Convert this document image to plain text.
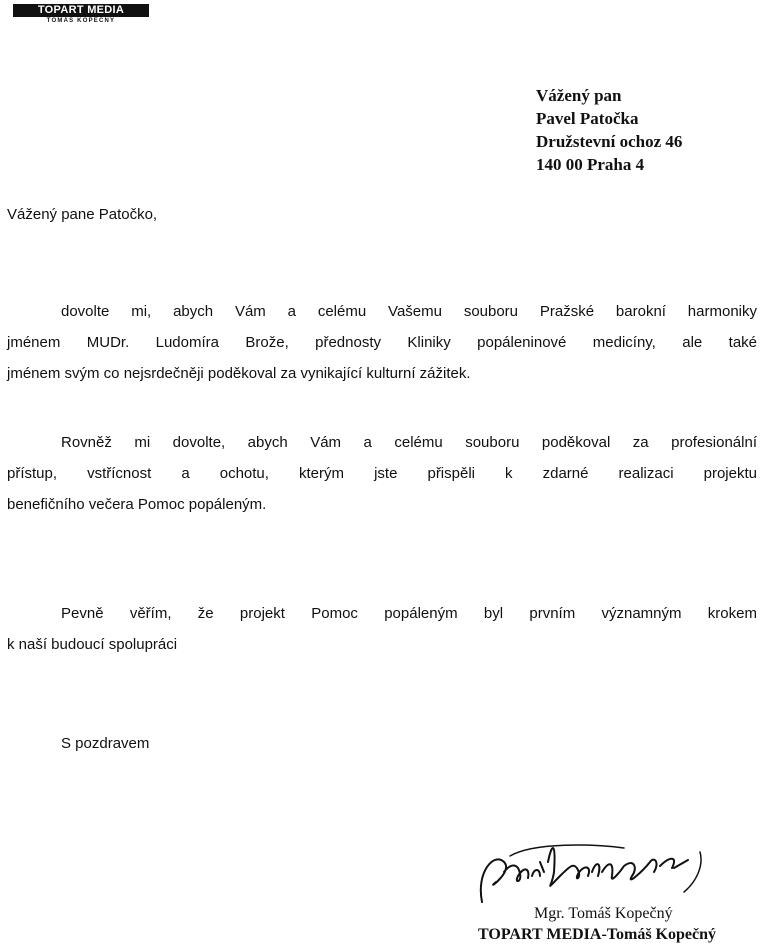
TOPART MEDIA
TOMÁŠ KOPEČNÝ
Vážený pan
Pavel Patočka
Družstevní ochoz 46
140 00 Praha 4
Vážený pane Patočko,
dovolte mi, abych Vám a celému Vašemu souboru Pražské barokní harmoniky
jménem MUDr. Ludomíra Brože, přednosty Kliniky popáleninové medicíny, ale také
jménem svým co nejsrdečněji poděkoval za vynikající kulturní zážitek.
Rovněž mi dovolte, abych Vám a celému souboru poděkoval za profesionální
přístup, vstřícnost a ochotu, kterým jste přispěli k zdarné realizaci projektu
benefičního večera Pomoc popáleným.
Pevně věřím, že projekt Pomoc popáleným byl prvním významným krokem
k naší budoucí spolupráci
S pozdravem
Mgr. Tomáš Kopečný
TOPART MEDIA-Tomáš Kopečný
